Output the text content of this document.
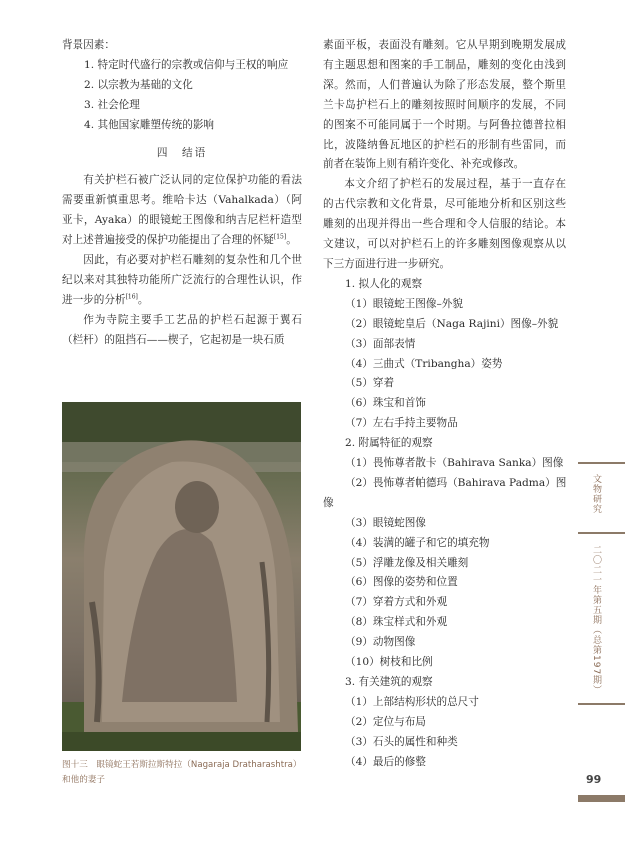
背景因素：

1. 特定时代盛行的宗教或信仰与王权的响应

2. 以宗教为基础的文化

3. 社会伦理

4. 其他国家雕塑传统的影响

四　结语

有关护栏石被广泛认同的定位保护功能的看法需要重新慎重思考。维哈卡达（Vahalkada）（阿亚卡，Ayaka）的眼镜蛇王图像和纳吉尼栏杆造型对上述普遍接受的保护功能提出了合理的怀疑[15]。

因此，有必要对护栏石雕刻的复杂性和几个世纪以来对其独特功能所广泛流行的合理性认识，作进一步的分析[16]。

作为寺院主要手工艺品的护栏石起源于翼石（栏杆）的阻挡石——楔子，它起初是一块石质

图十三　眼镜蛇王若斯拉斯特拉（Nagaraja Dratharashtra）和他的妻子

素面平板，表面没有雕刻。它从早期到晚期发展成有主题思想和图案的手工制品，雕刻的变化由浅到深。然而，人们普遍认为除了形态发展，整个斯里兰卡岛护栏石上的雕刻按照时间顺序的发展，不同的图案不可能同属于一个时期。与阿鲁拉德普拉相比，波隆纳鲁瓦地区的护栏石的形制有些雷同，而前者在装饰上则有稍许变化、补充或修改。

本文介绍了护栏石的发展过程，基于一直存在的古代宗教和文化背景，尽可能地分析和区别这些雕刻的出现并得出一些合理和令人信服的结论。本文建议，可以对护栏石上的许多雕刻图像观察从以下三方面进行进一步研究。

1. 拟人化的观察

（1）眼镜蛇王图像–外貌

（2）眼镜蛇皇后（Naga Rajini）图像–外貌

（3）面部表情

（4）三曲式（Tribangha）姿势

（5）穿着

（6）珠宝和首饰

（7）左右手持主要物品

2. 附属特征的观察

（1）畏怖尊者散卡（Bahirava Sanka）图像

（2）畏怖尊者帕德玛（Bahirava Padma）图

像

（3）眼镜蛇图像

（4）装满的罐子和它的填充物

（5）浮雕龙像及相关雕刻

（6）图像的姿势和位置

（7）穿着方式和外观

（8）珠宝样式和外观

（9）动物图像

（10）树枝和比例

3. 有关建筑的观察

（1）上部结构形状的总尺寸

（2）定位与布局

（3）石头的属性和种类

（4）最后的修整

文物研究
二〇二一年第五期（总第197期）
99
